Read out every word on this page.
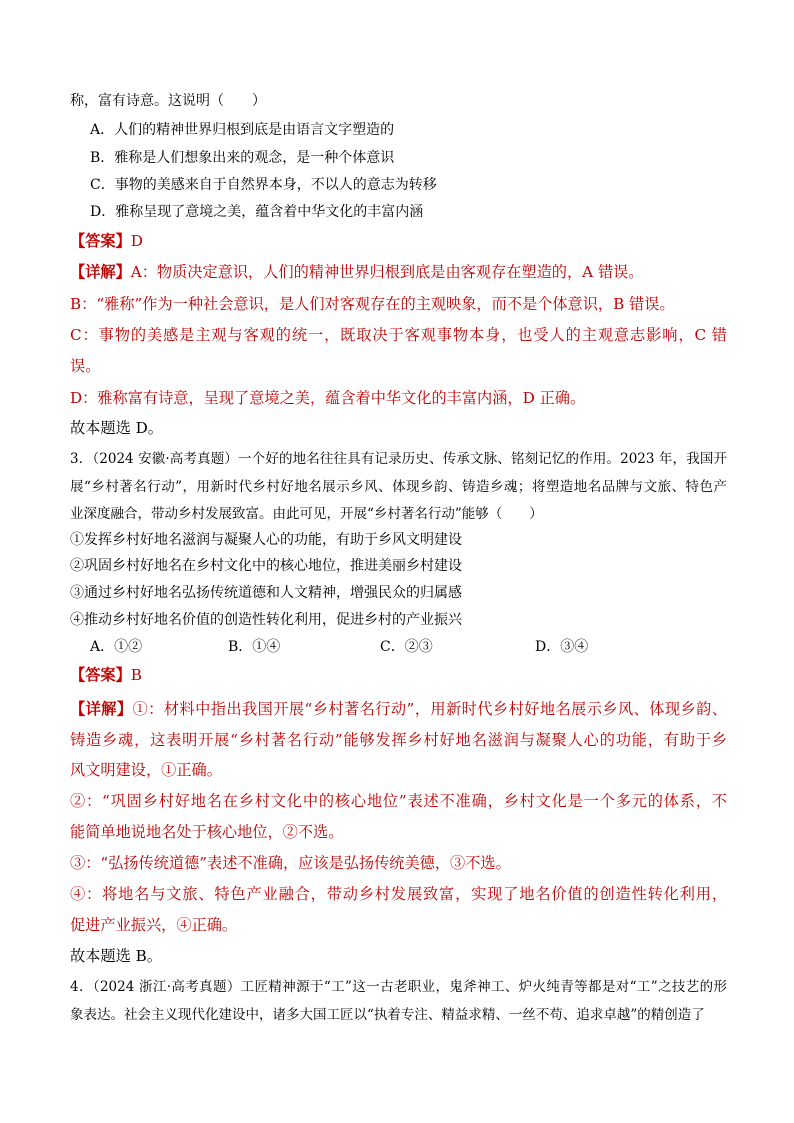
称，富有诗意。这说明（　　）
A．人们的精神世界归根到底是由语言文字塑造的
B．雅称是人们想象出来的观念，是一种个体意识
C．事物的美感来自于自然界本身，不以人的意志为转移
D．雅称呈现了意境之美，蕴含着中华文化的丰富内涵
【答案】D
【详解】A：物质决定意识，人们的精神世界归根到底是由客观存在塑造的，A 错误。
B：“雅称”作为一种社会意识，是人们对客观存在的主观映象，而不是个体意识，B 错误。
C：事物的美感是主观与客观的统一，既取决于客观事物本身，也受人的主观意志影响，C 错
误。
D：雅称富有诗意，呈现了意境之美，蕴含着中华文化的丰富内涵，D 正确。
故本题选 D。
3．（2024 安徽·高考真题）一个好的地名往往具有记录历史、传承文脉、铭刻记忆的作用。2023 年，我国开
展“乡村著名行动”，用新时代乡村好地名展示乡风、体现乡韵、铸造乡魂；将塑造地名品牌与文旅、特色产
业深度融合，带动乡村发展致富。由此可见，开展“乡村著名行动”能够（　　）
①发挥乡村好地名滋润与凝聚人心的功能，有助于乡风文明建设
②巩固乡村好地名在乡村文化中的核心地位，推进美丽乡村建设
③通过乡村好地名弘扬传统道德和人文精神，增强民众的归属感
④推动乡村好地名价值的创造性转化利用，促进乡村的产业振兴
A．①②	B．①④	C．②③	D．③④
【答案】B
【详解】①：材料中指出我国开展“乡村著名行动”，用新时代乡村好地名展示乡风、体现乡韵、
铸造乡魂，这表明开展“乡村著名行动”能够发挥乡村好地名滋润与凝聚人心的功能，有助于乡
风文明建设，①正确。
②：“巩固乡村好地名在乡村文化中的核心地位”表述不准确，乡村文化是一个多元的体系，不
能简单地说地名处于核心地位，②不选。
③：“弘扬传统道德”表述不准确，应该是弘扬传统美德，③不选。
④：将地名与文旅、特色产业融合，带动乡村发展致富，实现了地名价值的创造性转化利用，
促进产业振兴，④正确。
故本题选 B。
4．（2024 浙江·高考真题）工匠精神源于“工”这一古老职业，鬼斧神工、炉火纯青等都是对“工”之技艺的形
象表达。社会主义现代化建设中，诸多大国工匠以“执着专注、精益求精、一丝不苟、追求卓越”的精创造了
